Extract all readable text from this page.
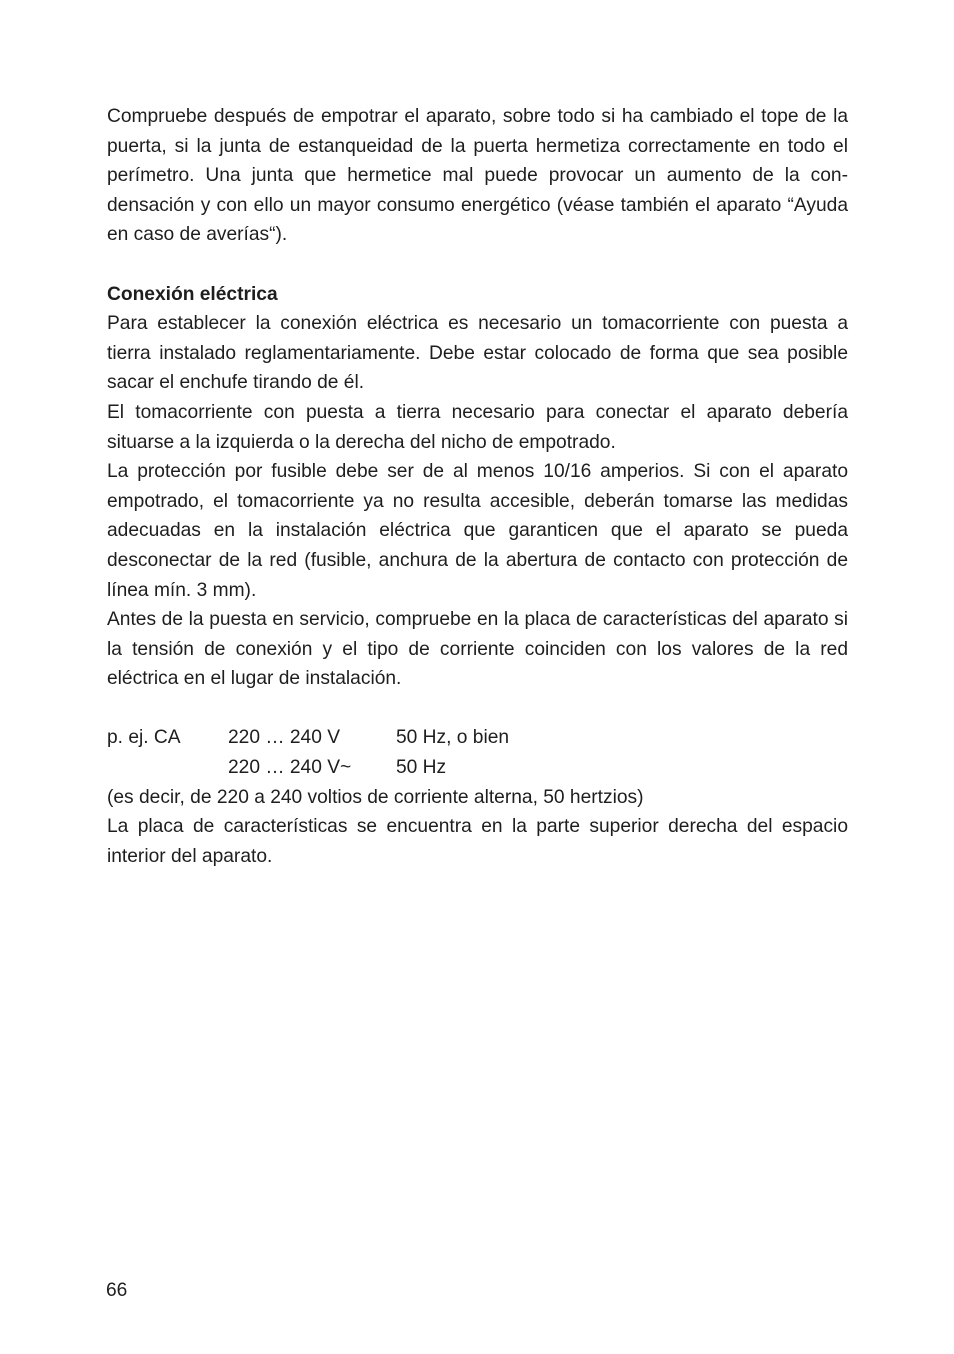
Compruebe después de empotrar el aparato, sobre todo si ha cambiado el tope de la puerta, si la junta de estanqueidad de la puerta hermetiza correctamente en todo el perímetro. Una junta que hermetice mal puede provocar un aumento de la condensación y con ello un mayor consumo energético (véase también el aparato “Ayuda en caso de averías“).

Conexión eléctrica

Para establecer la conexión eléctrica es necesario un tomacorriente con puesta a tierra instalado reglamentariamente. Debe estar colocado de forma que sea posible sacar el enchufe tirando de él.

El tomacorriente con puesta a tierra necesario para conectar el aparato debería situarse a la izquierda o la derecha del nicho de empotrado.

La protección por fusible debe ser de al menos 10/16 amperios. Si con el aparato empotrado, el tomacorriente ya no resulta accesible, deberán tomarse las medidas adecuadas en la instalación eléctrica que garanticen que el aparato se pueda desconectar de la red (fusible, anchura de la abertura de contacto con protección de línea mín. 3 mm).

Antes de la puesta en servicio, compruebe en la placa de características del aparato si la tensión de conexión y el tipo de corriente coinciden con los valores de la red eléctrica en el lugar de instalación.

p. ej. CA 220 … 240 V	50 Hz, o bien
220 … 240 V~ 50 Hz

(es decir, de 220 a 240 voltios de corriente alterna, 50 hertzios)

La placa de características se encuentra en la parte superior derecha del espacio interior del aparato.

66
